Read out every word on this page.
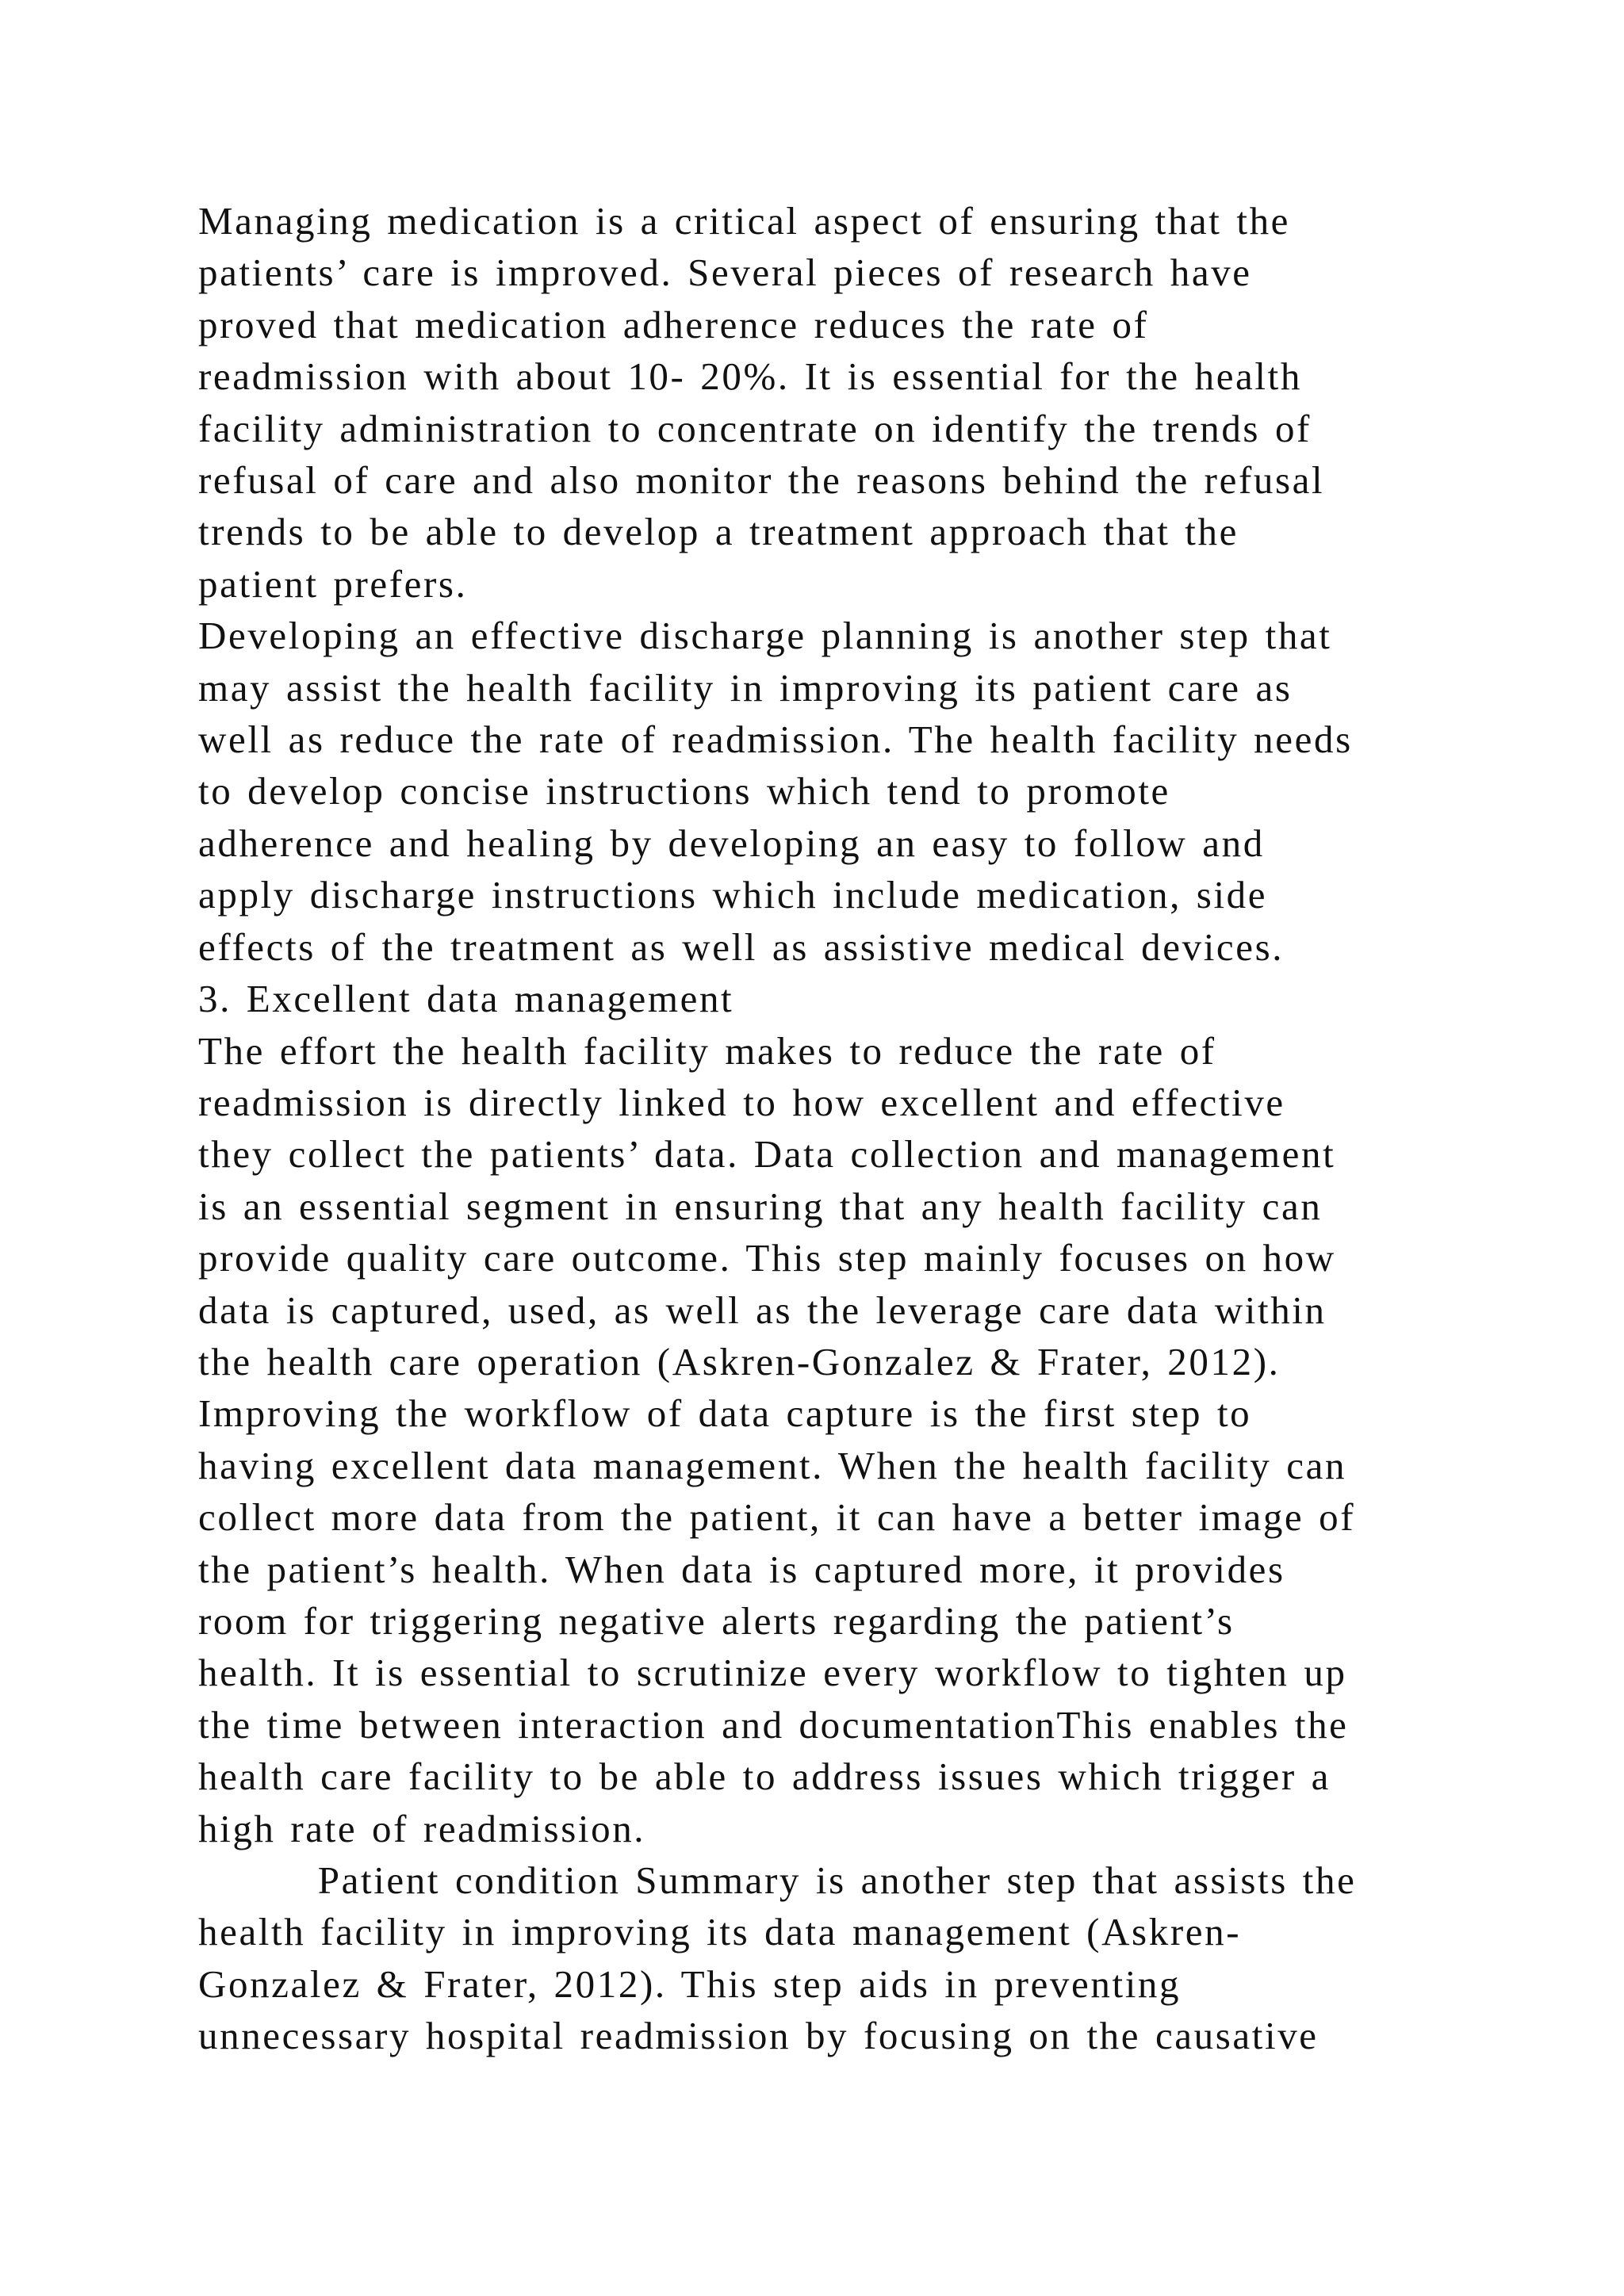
Managing medication is a critical aspect of ensuring that the
patients’ care is improved. Several pieces of research have
proved that medication adherence reduces the rate of
readmission with about 10- 20%. It is essential for the health
facility administration to concentrate on identify the trends of
refusal of care and also monitor the reasons behind the refusal
trends to be able to develop a treatment approach that the
patient prefers.
Developing an effective discharge planning is another step that
may assist the health facility in improving its patient care as
well as reduce the rate of readmission. The health facility needs
to develop concise instructions which tend to promote
adherence and healing by developing an easy to follow and
apply discharge instructions which include medication, side
effects of the treatment as well as assistive medical devices.
3. Excellent data management
The effort the health facility makes to reduce the rate of
readmission is directly linked to how excellent and effective
they collect the patients’ data. Data collection and management
is an essential segment in ensuring that any health facility can
provide quality care outcome. This step mainly focuses on how
data is captured, used, as well as the leverage care data within
the health care operation (Askren-Gonzalez & Frater, 2012).
Improving the workflow of data capture is the first step to
having excellent data management. When the health facility can
collect more data from the patient, it can have a better image of
the patient’s health. When data is captured more, it provides
room for triggering negative alerts regarding the patient’s
health. It is essential to scrutinize every workflow to tighten up
the time between interaction and documentationThis enables the
health care facility to be able to address issues which trigger a
high rate of readmission.
Patient condition Summary is another step that assists the
health facility in improving its data management (Askren-
Gonzalez & Frater, 2012). This step aids in preventing
unnecessary hospital readmission by focusing on the causative
